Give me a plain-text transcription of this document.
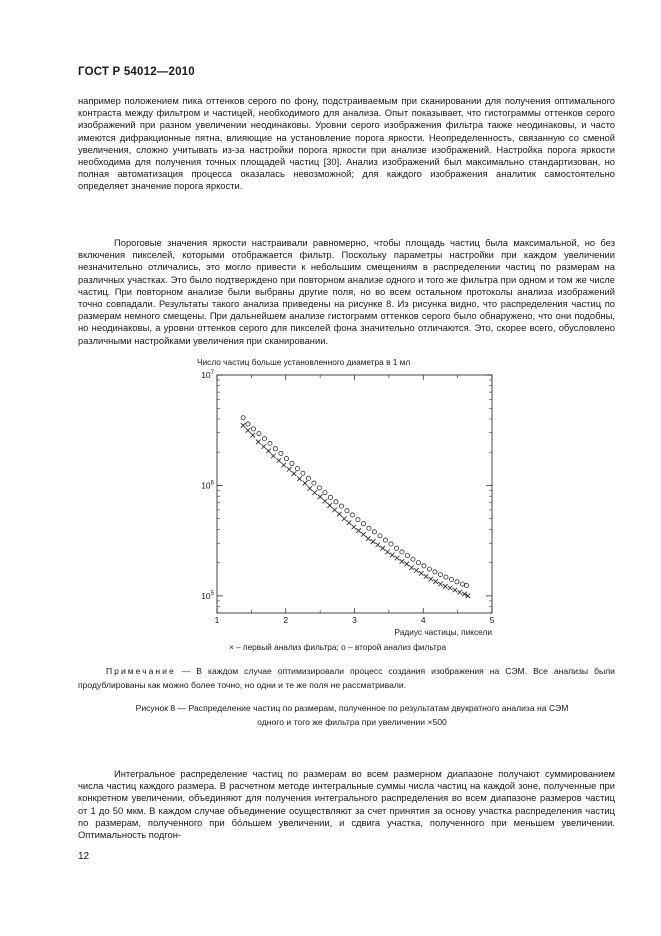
ГОСТ Р 54012—2010

например положением пика оттенков серого по фону, подстраиваемым при сканировании для получения оптимального контраста между фильтром и частицей, необходимого для анализа. Опыт показывает, что гистограммы оттенков серого изображений при разном увеличении неодинаковы. Уровни серого изображения фильтра также неодинаковы, и часто имеются дифракционные пятна, влияющие на установление порога яркости. Неопределенность, связанную со сменой увеличения, сложно учитывать из-за настройки порога яркости при анализе изображений. Настройка порога яркости необходима для получения точных площадей частиц [30]. Анализ изображений был максимально стандартизован, но полная автоматизация процесса оказалась невозможной; для каждого изображения аналитик самостоятельно определяет значение порога яркости.

Пороговые значения яркости настраивали равномерно, чтобы площадь частиц была максимальной, но без включения пикселей, которыми отображается фильтр. Поскольку параметры настройки при каждом увеличении незначительно отличались, это могло привести к небольшим смещениям в распределении частиц по размерам на различных участках. Это было подтверждено при повторном анализе одного и того же фильтра при одном и том же числе частиц. При повторном анализе были выбраны другие поля, но во всем остальном протоколы анализа изображений точно совпадали. Результаты такого анализа приведены на рисунке 8. Из рисунка видно, что распределения частиц по размерам немного смещены. При дальнейшем анализе гистограмм оттенков серого было обнаружено, что они подобны, но неодинаковы, а уровни оттенков серого для пикселей фона значительно отличаются. Это, скорее всего, обусловлено различными настройками увеличения при сканировании.

Число частиц больше установленного диаметра в 1 мл
1	2	3	4	5
$10^5$
$10^6$
$10^7$
Радиус частицы, пиксели
× – первый анализ фильтра; о – второй анализ фильтра
Примечание — В каждом случае оптимизировали процесс создания изображения на СЭМ. Все анализы были продублированы как можно более точно, но одни и те же поля не рассматривали.
Рисунок 8 — Распределение частиц по размерам, полученное по результатам двукратного анализа на СЭМ
одного и того же фильтра при увеличении ×500

Интегральное распределение частиц по размерам во всем размерном диапазоне получают суммированием числа частиц каждого размера. В расчетном методе интегральные суммы числа частиц на каждой зоне, полученные при конкретном увеличении, объединяют для получения интегрального распределения во всем диапазоне размеров частиц от 1 до 50 мкм. В каждом случае объединение осуществляют за счет принятия за основу участка распределения частиц по размерам, полученного при бо́льшем увеличении, и сдвига участка, полученного при меньшем увеличении. Оптимальность подгон-

12
